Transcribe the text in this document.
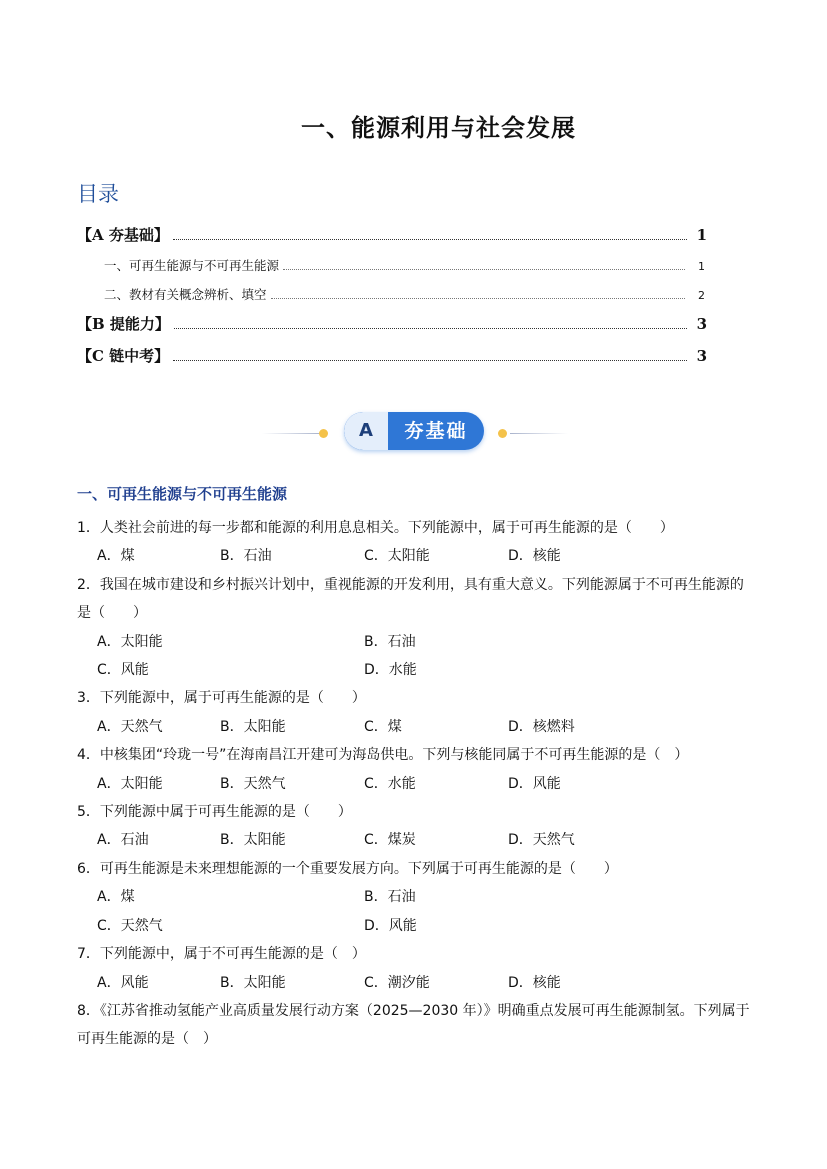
一、能源利用与社会发展
目录
【A 夯基础】	1
一、可再生能源与不可再生能源	1
二、教材有关概念辨析、填空	2
【B 提能力】	3
【C 链中考】	3
A	夯基础
一、可再生能源与不可再生能源
1．人类社会前进的每一步都和能源的利用息息相关。下列能源中，属于可再生能源的是（　　）
A．煤	B．石油	C．太阳能	D．核能
2．我国在城市建设和乡村振兴计划中，重视能源的开发利用，具有重大意义。下列能源属于不可再生能源的是（　　）
A．太阳能	B．石油
C．风能	D．水能
3．下列能源中，属于可再生能源的是（　　）
A．天然气	B．太阳能	C．煤	D．核燃料
4．中核集团“玲珑一号”在海南昌江开建可为海岛供电。下列与核能同属于不可再生能源的是（　）
A．太阳能	B．天然气	C．水能	D．风能
5．下列能源中属于可再生能源的是（　　）
A．石油	B．太阳能	C．煤炭	D．天然气
6．可再生能源是未来理想能源的一个重要发展方向。下列属于可再生能源的是（　　）
A．煤	B．石油
C．天然气	D．风能
7．下列能源中，属于不可再生能源的是（　）
A．风能	B．太阳能	C．潮汐能	D．核能
8．《江苏省推动氢能产业高质量发展行动方案（2025—2030 年）》明确重点发展可再生能源制氢。下列属于可再生能源的是（　）
